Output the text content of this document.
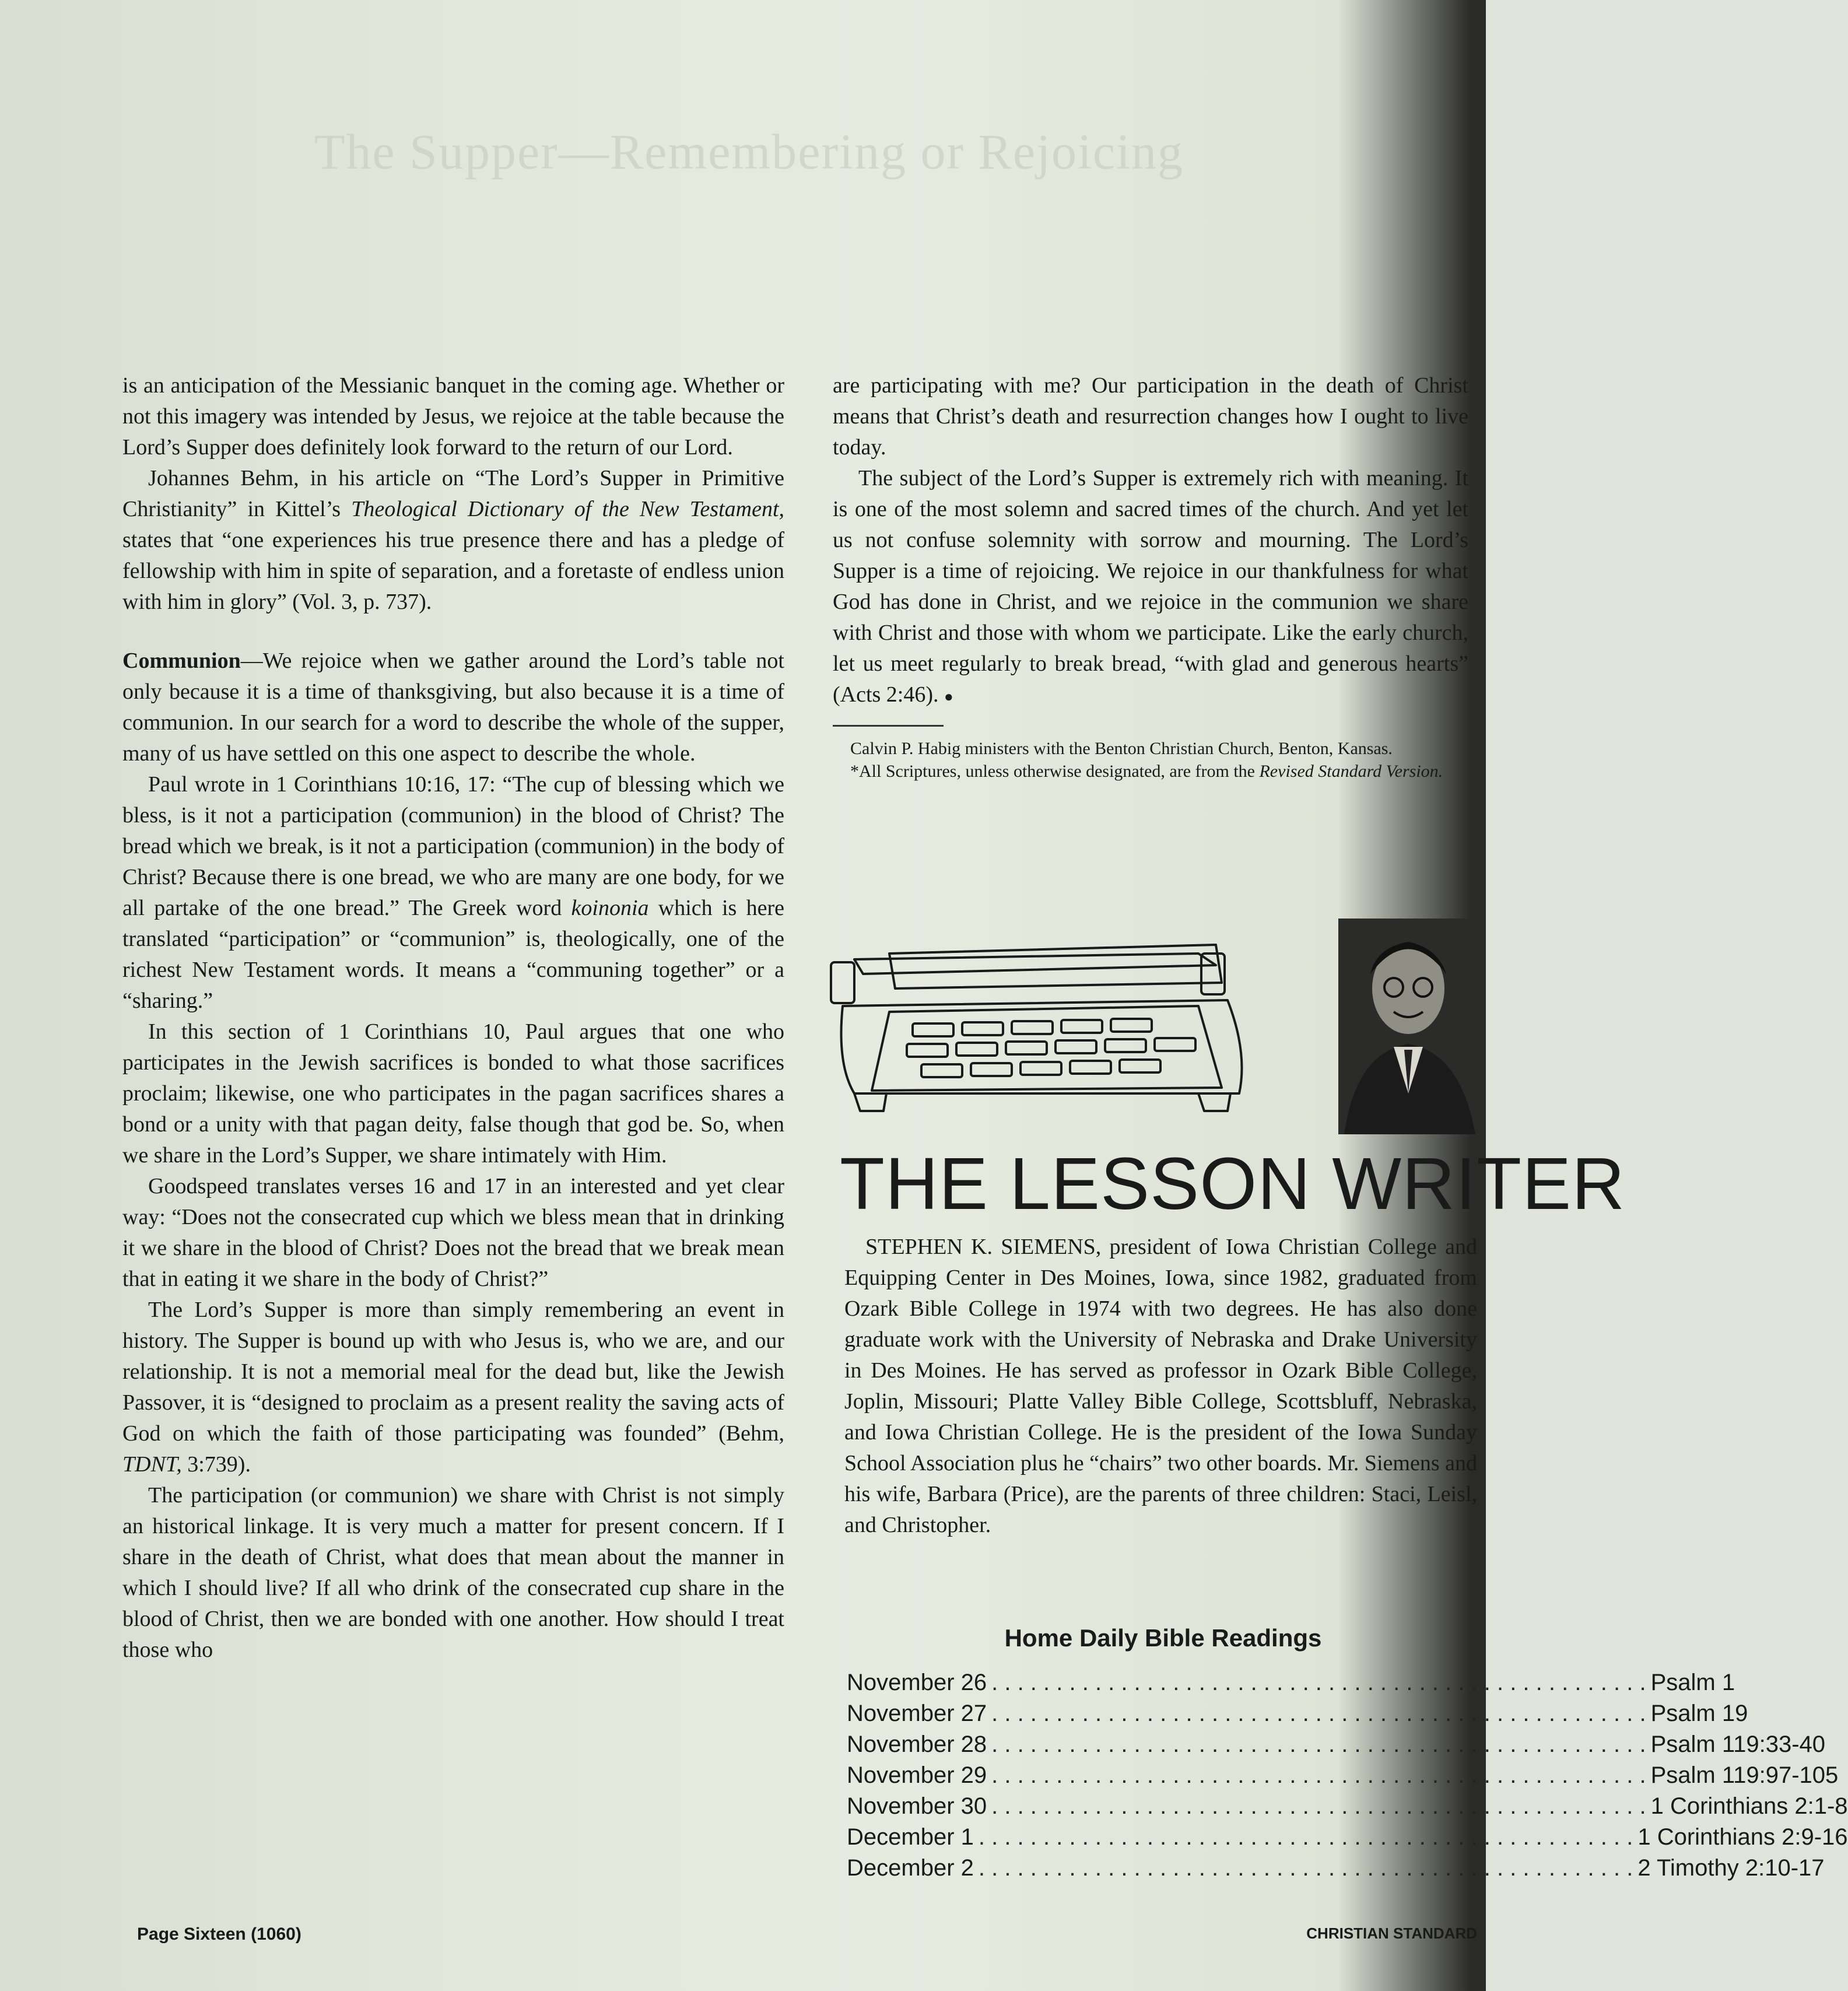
The Supper—Remembering or Rejoicing

is an anticipation of the Messianic banquet in the coming age. Whether or not this imagery was intended by Jesus, we rejoice at the table because the Lord’s Supper does definitely look forward to the return of our Lord.

Johannes Behm, in his article on “The Lord’s Supper in Primitive Christianity” in Kittel’s Theological Dictionary of the New Testament, states that “one experiences his true presence there and has a pledge of fellowship with him in spite of separation, and a foretaste of endless union with him in glory” (Vol. 3, p. 737).

Communion—We rejoice when we gather around the Lord’s table not only because it is a time of thanksgiving, but also because it is a time of communion. In our search for a word to describe the whole of the supper, many of us have settled on this one aspect to describe the whole.

Paul wrote in 1 Corinthians 10:16, 17: “The cup of blessing which we bless, is it not a participation (communion) in the blood of Christ? The bread which we break, is it not a participation (communion) in the body of Christ? Because there is one bread, we who are many are one body, for we all partake of the one bread.” The Greek word koinonia which is here translated “participation” or “communion” is, theologically, one of the richest New Testament words. It means a “communing together” or a “sharing.”

In this section of 1 Corinthians 10, Paul argues that one who participates in the Jewish sacrifices is bonded to what those sacrifices proclaim; likewise, one who participates in the pagan sacrifices shares a bond or a unity with that pagan deity, false though that god be. So, when we share in the Lord’s Supper, we share intimately with Him.

Goodspeed translates verses 16 and 17 in an interested and yet clear way: “Does not the consecrated cup which we bless mean that in drinking it we share in the blood of Christ? Does not the bread that we break mean that in eating it we share in the body of Christ?”

The Lord’s Supper is more than simply remembering an event in history. The Supper is bound up with who Jesus is, who we are, and our relationship. It is not a memorial meal for the dead but, like the Jewish Passover, it is “designed to proclaim as a present reality the saving acts of God on which the faith of those participating was founded” (Behm, TDNT, 3:739).

The participation (or communion) we share with Christ is not simply an historical linkage. It is very much a matter for present concern. If I share in the death of Christ, what does that mean about the manner in which I should live? If all who drink of the consecrated cup share in the blood of Christ, then we are bonded with one another. How should I treat those who

are participating with me? Our participation in the death of Christ means that Christ’s death and resurrection changes how I ought to live today.

The subject of the Lord’s Supper is extremely rich with meaning. It is one of the most solemn and sacred times of the church. And yet let us not confuse solemnity with sorrow and mourning. The Lord’s Supper is a time of rejoicing. We rejoice in our thankfulness for what God has done in Christ, and we rejoice in the communion we share with Christ and those with whom we participate. Like the early church, let us meet regularly to break bread, “with glad and generous hearts” (Acts 2:46). ●

Calvin P. Habig ministers with the Benton Christian Church, Benton, Kansas.

*All Scriptures, unless otherwise designated, are from the Revised Standard Version.

THE LESSON WRITER

STEPHEN K. SIEMENS, president of Iowa Christian College and Equipping Center in Des Moines, Iowa, since 1982, graduated from Ozark Bible College in 1974 with two degrees. He has also done graduate work with the University of Nebraska and Drake University in Des Moines. He has served as professor in Ozark Bible College, Joplin, Missouri; Platte Valley Bible College, Scottsbluff, Nebraska, and Iowa Christian College. He is the president of the Iowa Sunday School Association plus he “chairs” two other boards. Mr. Siemens and his wife, Barbara (Price), are the parents of three children: Staci, Leisl, and Christopher.

Home Daily Bible Readings
November 26 . . .	Psalm 1
November 27 . . .	Psalm 19
November 28 . . .	Psalm 119:33-40
November 29 . . .	Psalm 119:97-105
November 30 . . .	1 Corinthians 2:1-8
December 1 . . .	1 Corinthians 2:9-16
December 2 . . .	2 Timothy 2:10-17
Page Sixteen (1060)	CHRISTIAN STANDARD
